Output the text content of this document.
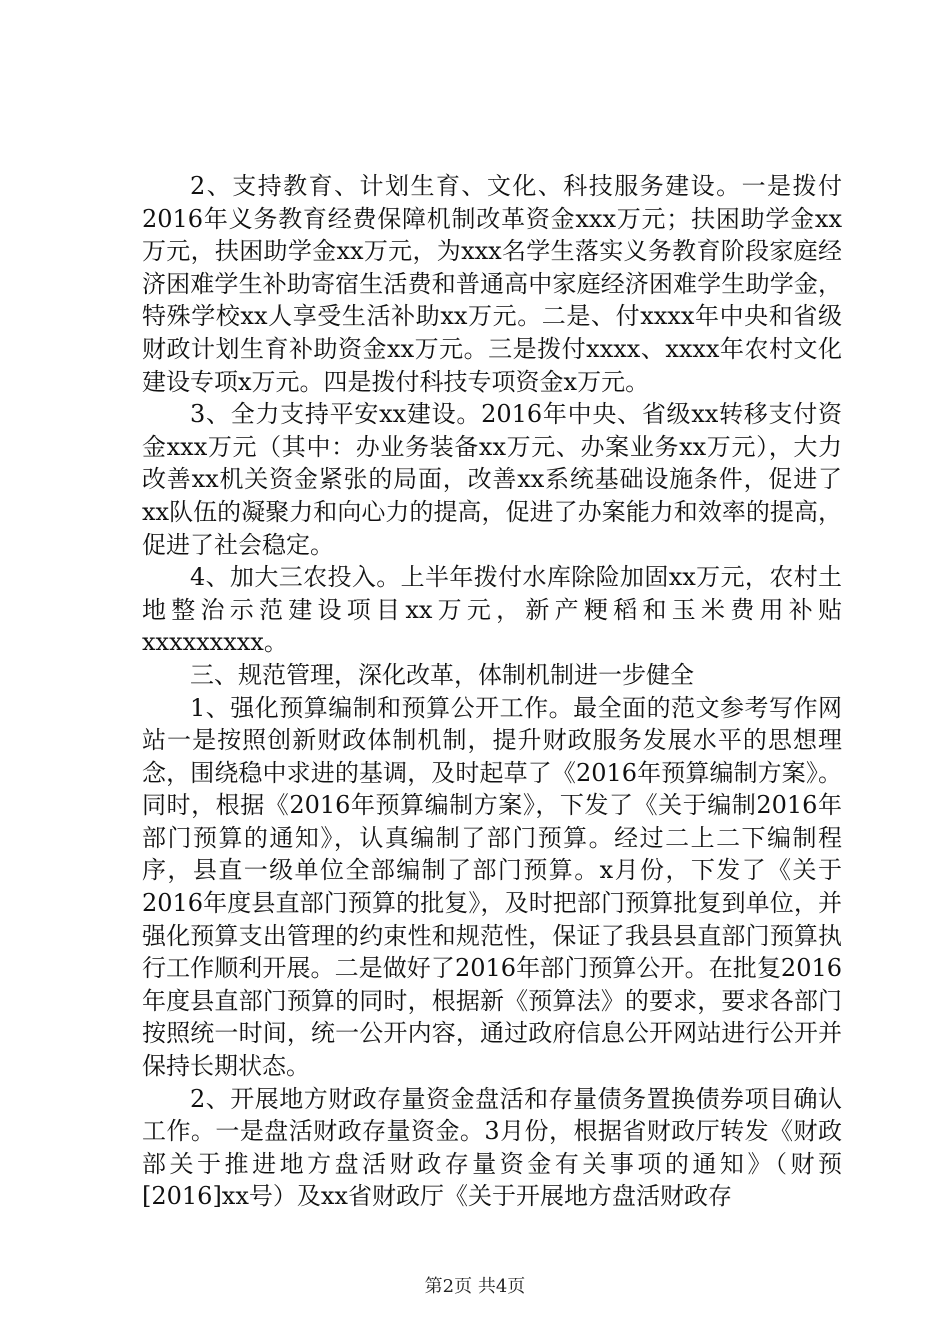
2、支持教育、计划生育、文化、科技服务建设。一是拨付2016年义务教育经费保障机制改革资金xxx万元；扶困助学金xx万元，扶困助学金xx万元，为xxx名学生落实义务教育阶段家庭经济困难学生补助寄宿生活费和普通高中家庭经济困难学生助学金，特殊学校xx人享受生活补助xx万元。二是、付xxxx年中央和省级财政计划生育补助资金xx万元。三是拨付xxxx、xxxx年农村文化建设专项x万元。四是拨付科技专项资金x万元。

3、全力支持平安xx建设。2016年中央、省级xx转移支付资金xxx万元（其中：办业务装备xx万元、办案业务xx万元），大力改善xx机关资金紧张的局面，改善xx系统基础设施条件，促进了xx队伍的凝聚力和向心力的提高，促进了办案能力和效率的提高，促进了社会稳定。

4、加大三农投入。上半年拨付水库除险加固xx万元，农村土地整治示范建设项目xx万元，新产粳稻和玉米费用补贴xxxxxxxxx。

三、规范管理，深化改革，体制机制进一步健全

1、强化预算编制和预算公开工作。最全面的范文参考写作网站一是按照创新财政体制机制，提升财政服务发展水平的思想理念，围绕稳中求进的基调，及时起草了《2016年预算编制方案》。同时，根据《2016年预算编制方案》，下发了《关于编制2016年部门预算的通知》，认真编制了部门预算。经过二上二下编制程序，县直一级单位全部编制了部门预算。x月份，下发了《关于2016年度县直部门预算的批复》，及时把部门预算批复到单位，并强化预算支出管理的约束性和规范性，保证了我县县直部门预算执行工作顺利开展。二是做好了2016年部门预算公开。在批复2016年度县直部门预算的同时，根据新《预算法》的要求，要求各部门按照统一时间，统一公开内容，通过政府信息公开网站进行公开并保持长期状态。

2、开展地方财政存量资金盘活和存量债务置换债券项目确认工作。一是盘活财政存量资金。3月份，根据省财政厅转发《财政部关于推进地方盘活财政存量资金有关事项的通知》（财预[2016]xx号）及xx省财政厅《关于开展地方盘活财政存

第2页 共4页
